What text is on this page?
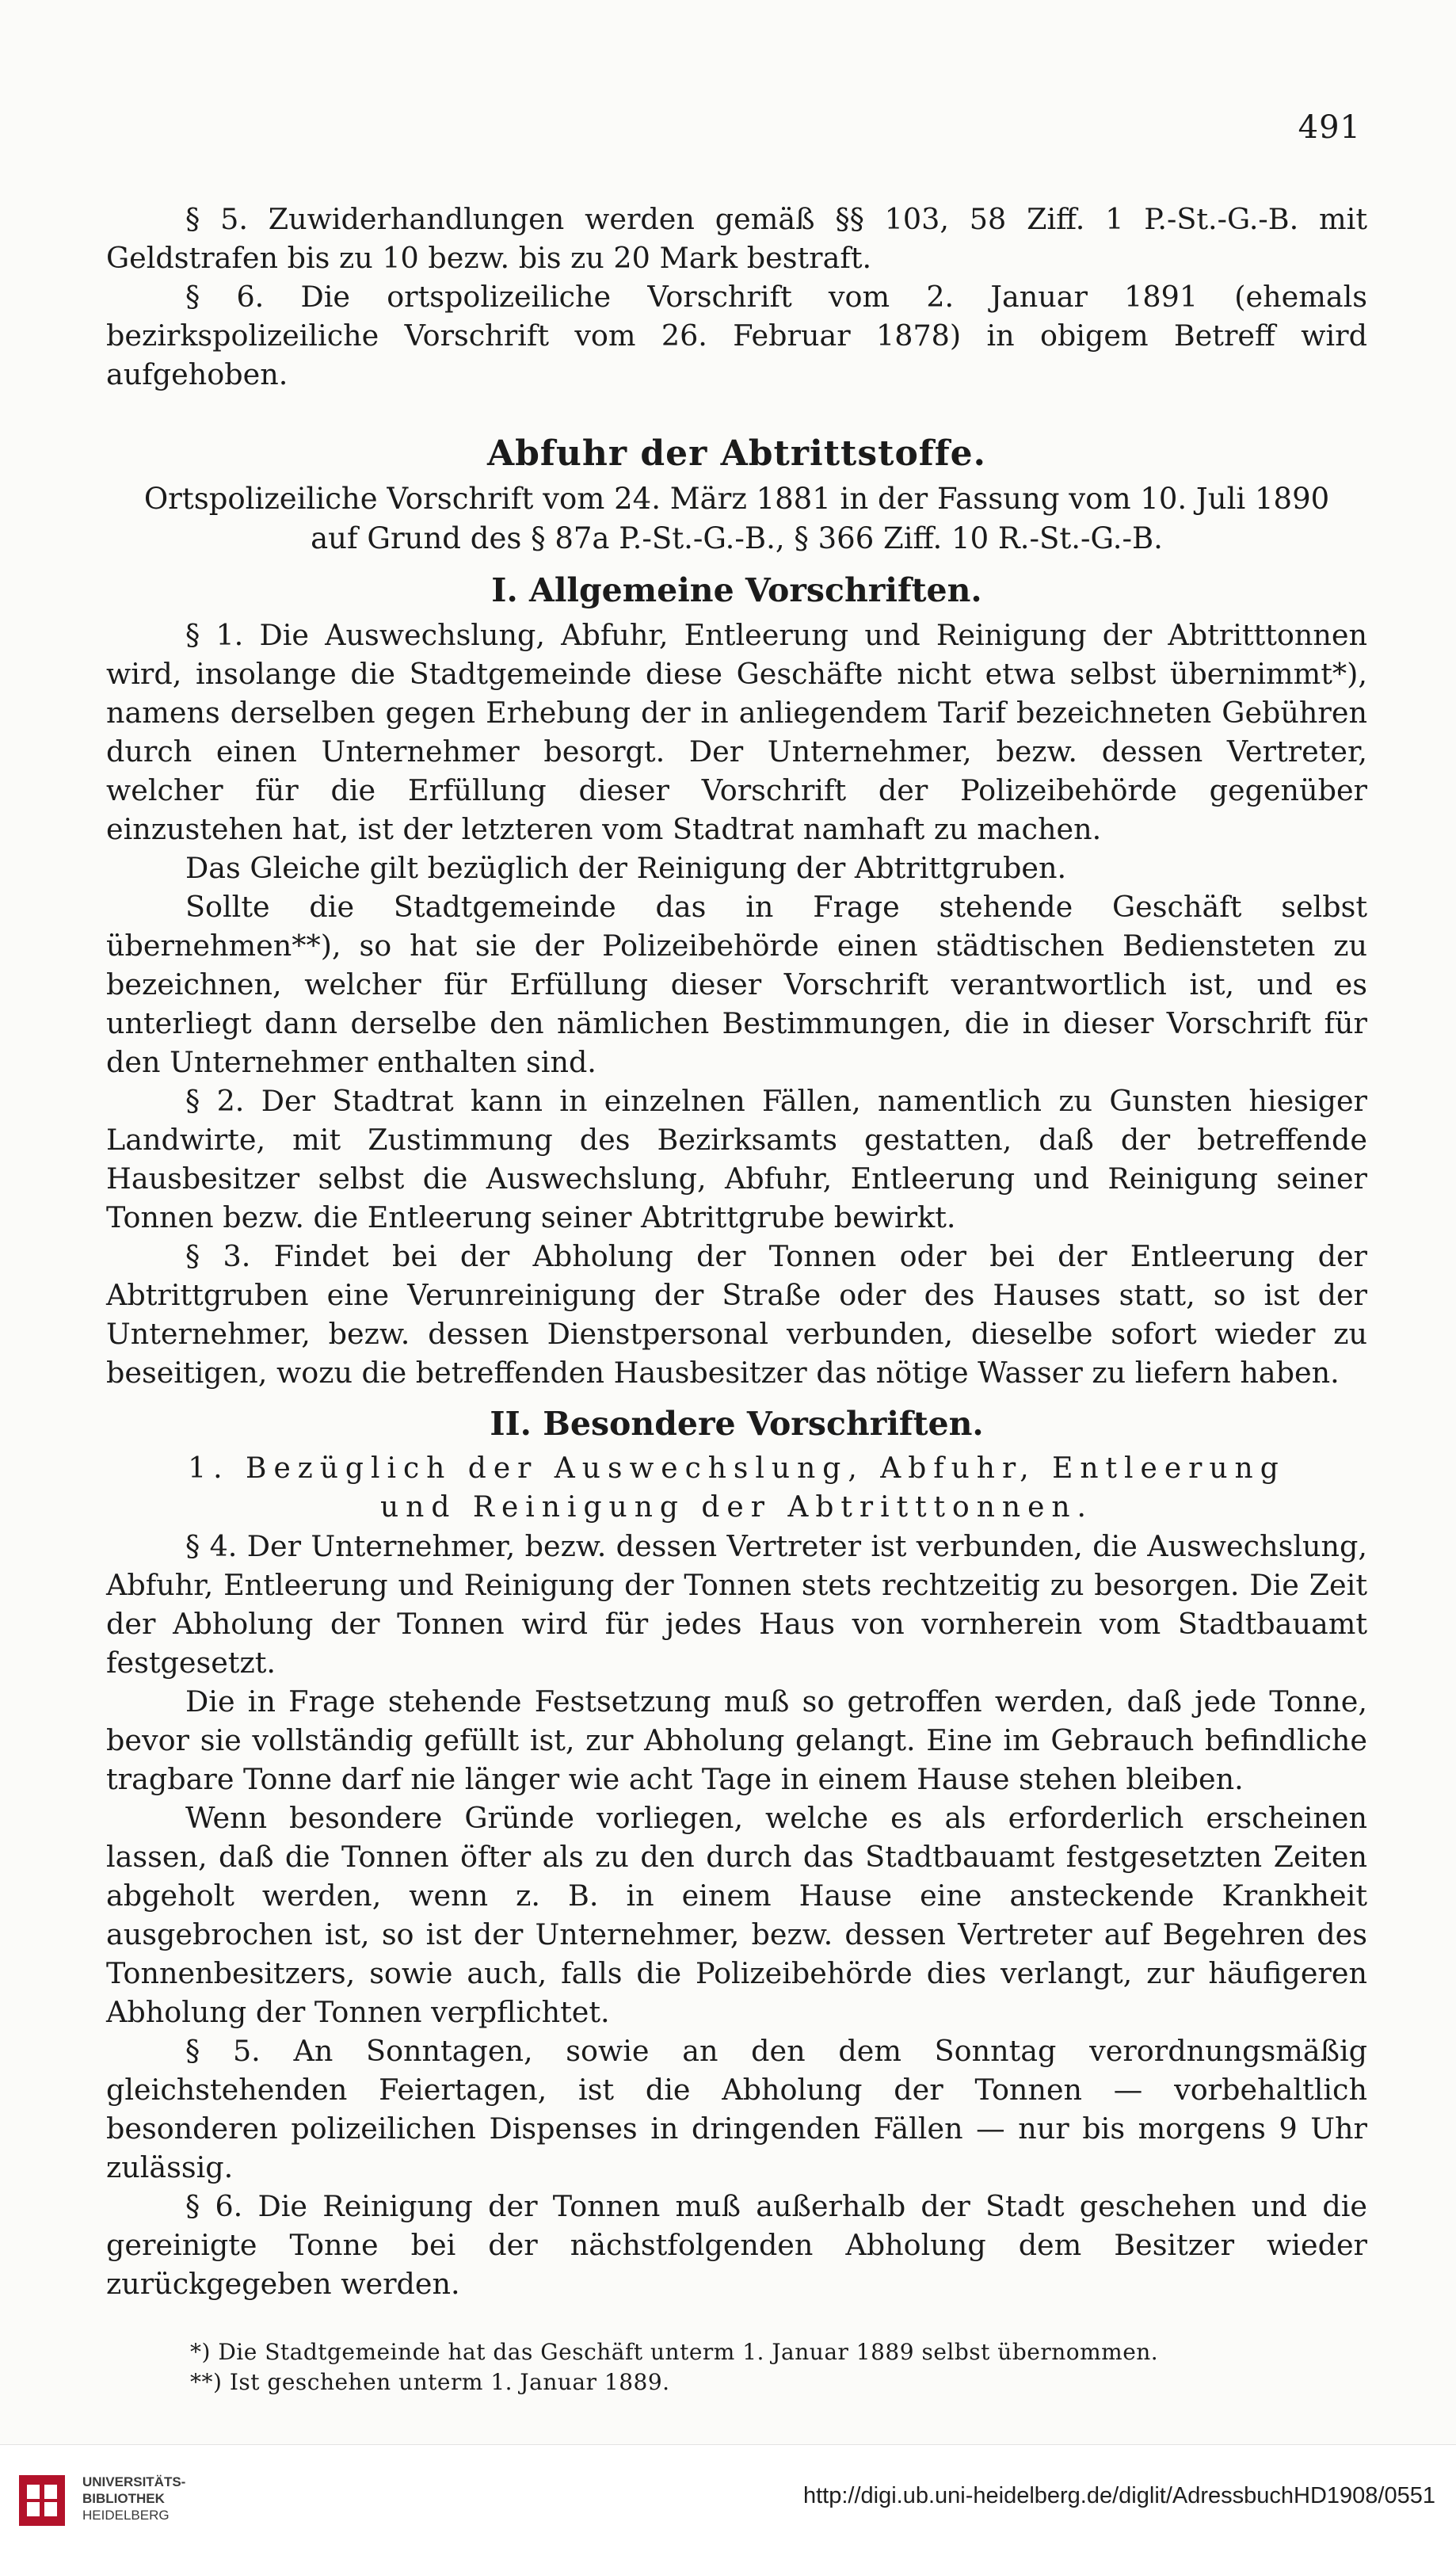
491

§ 5. Zuwiderhandlungen werden gemäß §§ 103, 58 Ziff. 1 P.-St.-G.-B. mit Geldstrafen bis zu 10 bezw. bis zu 20 Mark bestraft.

§ 6. Die ortspolizeiliche Vorschrift vom 2. Januar 1891 (ehemals bezirkspolizeiliche Vorschrift vom 26. Februar 1878) in obigem Betreff wird aufgehoben.

Abfuhr der Abtrittstoffe.
Ortspolizeiliche Vorschrift vom 24. März 1881 in der Fassung vom 10. Juli 1890
auf Grund des § 87a P.-St.-G.-B., § 366 Ziff. 10 R.-St.-G.-B.
I. Allgemeine Vorschriften.

§ 1. Die Auswechslung, Abfuhr, Entleerung und Reinigung der Abtritttonnen wird, insolange die Stadtgemeinde diese Geschäfte nicht etwa selbst übernimmt*), namens derselben gegen Erhebung der in anliegendem Tarif bezeichneten Gebühren durch einen Unternehmer besorgt. Der Unternehmer, bezw. dessen Vertreter, welcher für die Erfüllung dieser Vorschrift der Polizeibehörde gegenüber einzustehen hat, ist der letzteren vom Stadtrat namhaft zu machen.

Das Gleiche gilt bezüglich der Reinigung der Abtrittgruben.

Sollte die Stadtgemeinde das in Frage stehende Geschäft selbst übernehmen**), so hat sie der Polizeibehörde einen städtischen Bediensteten zu bezeichnen, welcher für Erfüllung dieser Vorschrift verantwortlich ist, und es unterliegt dann derselbe den nämlichen Bestimmungen, die in dieser Vorschrift für den Unternehmer enthalten sind.

§ 2. Der Stadtrat kann in einzelnen Fällen, namentlich zu Gunsten hiesiger Landwirte, mit Zustimmung des Bezirksamts gestatten, daß der betreffende Hausbesitzer selbst die Auswechslung, Abfuhr, Entleerung und Reinigung seiner Tonnen bezw. die Entleerung seiner Abtrittgrube bewirkt.

§ 3. Findet bei der Abholung der Tonnen oder bei der Entleerung der Abtrittgruben eine Verunreinigung der Straße oder des Hauses statt, so ist der Unternehmer, bezw. dessen Dienstpersonal verbunden, dieselbe sofort wieder zu beseitigen, wozu die betreffenden Hausbesitzer das nötige Wasser zu liefern haben.

II. Besondere Vorschriften.
1. Bezüglich der Auswechslung, Abfuhr, Entleerung
und Reinigung der Abtritttonnen.

§ 4. Der Unternehmer, bezw. dessen Vertreter ist verbunden, die Auswechslung, Abfuhr, Entleerung und Reinigung der Tonnen stets rechtzeitig zu besorgen. Die Zeit der Abholung der Tonnen wird für jedes Haus von vornherein vom Stadtbauamt festgesetzt.

Die in Frage stehende Festsetzung muß so getroffen werden, daß jede Tonne, bevor sie vollständig gefüllt ist, zur Abholung gelangt. Eine im Gebrauch befindliche tragbare Tonne darf nie länger wie acht Tage in einem Hause stehen bleiben.

Wenn besondere Gründe vorliegen, welche es als erforderlich erscheinen lassen, daß die Tonnen öfter als zu den durch das Stadtbauamt festgesetzten Zeiten abgeholt werden, wenn z. B. in einem Hause eine ansteckende Krankheit ausgebrochen ist, so ist der Unternehmer, bezw. dessen Vertreter auf Begehren des Tonnenbesitzers, sowie auch, falls die Polizeibehörde dies verlangt, zur häufigeren Abholung der Tonnen verpflichtet.

§ 5. An Sonntagen, sowie an den dem Sonntag verordnungsmäßig gleichstehenden Feiertagen, ist die Abholung der Tonnen — vorbehaltlich besonderen polizeilichen Dispenses in dringenden Fällen — nur bis morgens 9 Uhr zulässig.

§ 6. Die Reinigung der Tonnen muß außerhalb der Stadt geschehen und die gereinigte Tonne bei der nächstfolgenden Abholung dem Besitzer wieder zurückgegeben werden.

*) Die Stadtgemeinde hat das Geschäft unterm 1. Januar 1889 selbst übernommen.
**) Ist geschehen unterm 1. Januar 1889.
UNIVERSITÄTS-
BIBLIOTHEK
HEIDELBERG
http://digi.ub.uni-heidelberg.de/diglit/AdressbuchHD1908/0551
